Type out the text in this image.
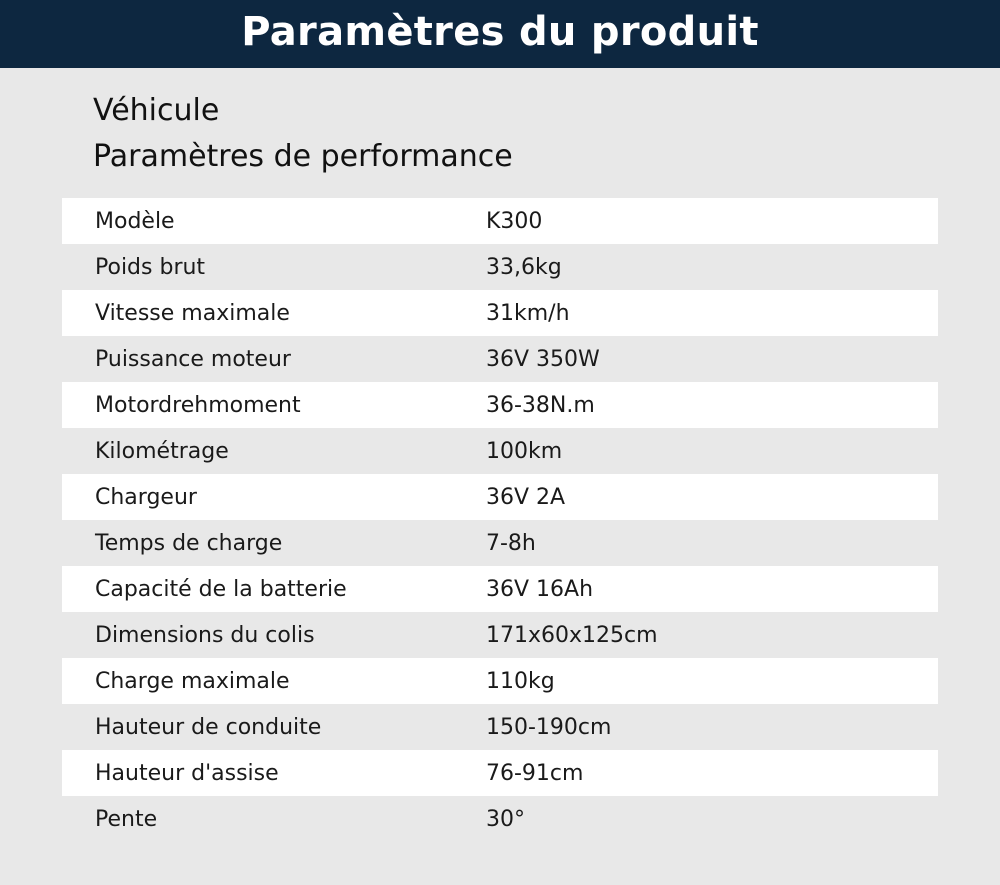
Paramètres du produit
Véhicule
Paramètres de performance
Modèle	K300
Poids brut	33,6kg
Vitesse maximale	31km/h
Puissance moteur	36V 350W
Motordrehmoment	36-38N.m
Kilométrage	100km
Chargeur	36V 2A
Temps de charge	7-8h
Capacité de la batterie	36V 16Ah
Dimensions du colis	171x60x125cm
Charge maximale	110kg
Hauteur de conduite	150-190cm
Hauteur d'assise	76-91cm
Pente	30°
